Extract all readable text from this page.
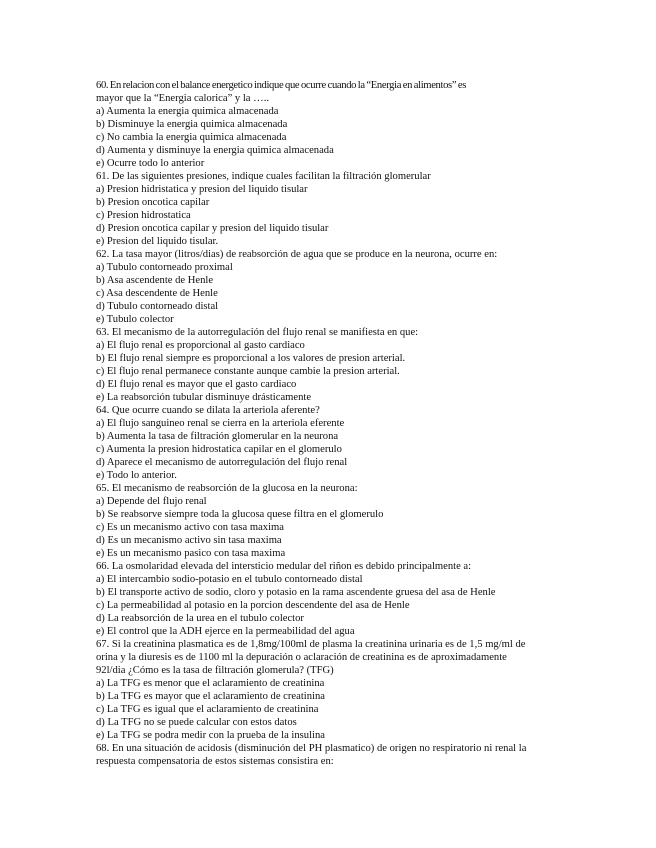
60. En relacion con el balance energetico indique que ocurre cuando la “Energia en alimentos” es
mayor que la “Energia calorica” y la …..
a) Aumenta la energia quimica almacenada
b) Disminuye la energia quimica almacenada
c) No cambia la energia quimica almacenada
d) Aumenta y disminuye la energia quimica almacenada
e) Ocurre todo lo anterior
61. De las siguientes presiones, indique cuales facilitan la filtración glomerular
a) Presion hidristatica y presion del liquido tisular
b) Presion oncotica capilar
c) Presion hidrostatica
d) Presion oncotica capilar y presion del liquido tisular
e) Presion del liquido tisular.
62. La tasa mayor (litros/dias) de reabsorción de agua que se produce en la neurona, ocurre en:
a) Tubulo contorneado proximal
b) Asa ascendente de Henle
c) Asa descendente de Henle
d) Tubulo contorneado distal
e) Tubulo colector
63. El mecanismo de la autorregulación del flujo renal se manifiesta en que:
a) El flujo renal es proporcional al gasto cardiaco
b) El flujo renal siempre es proporcional a los valores de presion arterial.
c) El flujo renal permanece constante aunque cambie la presion arterial.
d) El flujo renal es mayor que el gasto cardiaco
e) La reabsorción tubular disminuye drásticamente
64. Que ocurre cuando se dilata la arteriola aferente?
a) El flujo sanguineo renal se cierra en la arteriola eferente
b) Aumenta la tasa de filtración glomerular en la neurona
c) Aumenta la presion hidrostatica capilar en el glomerulo
d) Aparece el mecanismo de autorregulación del flujo renal
e) Todo lo anterior.
65. El mecanismo de reabsorción de la glucosa en la neurona:
a) Depende del flujo renal
b) Se reabsorve siempre toda la glucosa quese filtra en el glomerulo
c) Es un mecanismo activo con tasa maxima
d) Es un mecanismo activo sin tasa maxima
e) Es un mecanismo pasico con tasa maxima
66. La osmolaridad elevada del intersticio medular del riñon es debido principalmente a:
a) El intercambio sodio-potasio en el tubulo contorneado distal
b) El transporte activo de sodio, cloro y potasio en la rama ascendente gruesa del asa de Henle
c) La permeabilidad al potasio en la porcion descendente del asa de Henle
d) La reabsorción de la urea en el tubulo colector
e) El control que la ADH ejerce en la permeabilidad del agua
67. Si la creatinina plasmatica es de 1,8mg/100ml de plasma la creatinina urinaria es de 1,5 mg/ml de
orina y la diuresis es de 1100 ml la depuración o aclaración de creatinina es de aproximadamente
92l/dia ¿Cómo es la tasa de filtración glomerula? (TFG)
a) La TFG es menor que el aclaramiento de creatinina
b) La TFG es mayor que el aclaramiento de creatinina
c) La TFG es igual que el aclaramiento de creatinina
d) La TFG no se puede calcular con estos datos
e) La TFG se podra medir con la prueba de la insulina
68. En una situación de acidosis (disminución del PH plasmatico) de origen no respiratorio ni renal la
respuesta compensatoria de estos sistemas consistira en:
